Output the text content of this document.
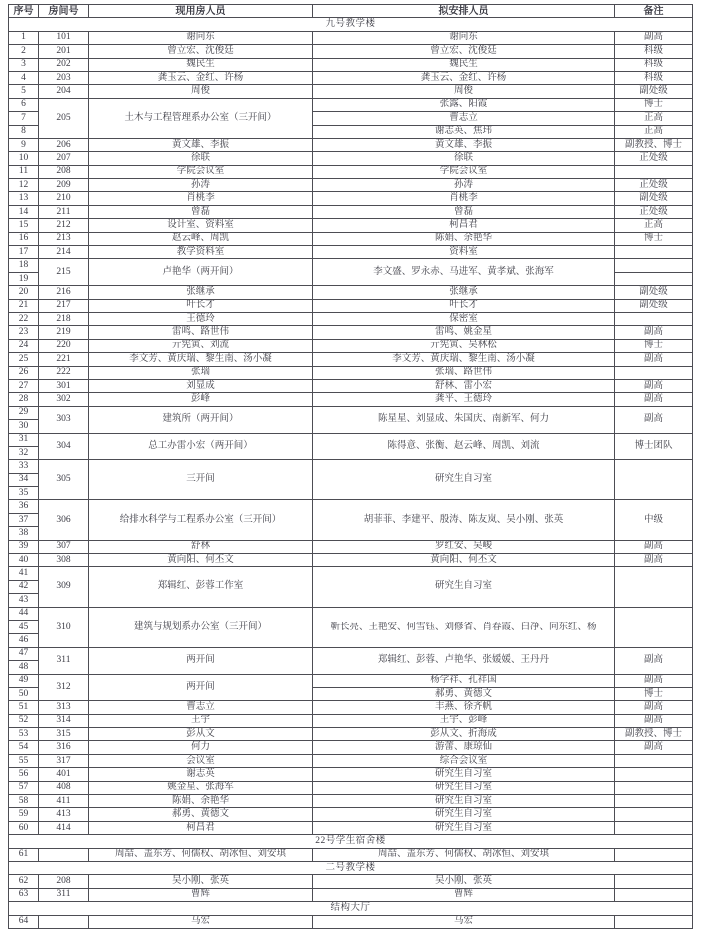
序号	房间号	现用房人员	拟安排人员	备注
九号教学楼				
1	101	谢向东	谢向东	副高
2	201	曾立宏、沈俊廷	曾立宏、沈俊廷	科级
3	202	魏民生	魏民生	科级
4	203	龚玉云、金红、许杨	龚玉云、金红、许杨	科级
5	204	周俊	周俊	副处级
6	205	土木与工程管理系办公室（三开间）	张露、阳霞	博士
7			曹志立	正高
8			谢志英、焦玮	正高
9	206	黄文雄、李振	黄文雄、李振	副教授、博士
10	207	徐联	徐联	正处级
11	208	学院会议室	学院会议室	
12	209	孙涛	孙涛	正处级
13	210	肖桃李	肖桃李	副处级
14	211	曾磊	曾磊	正处级
15	212	设计室、资料室	柯昌君	正高
16	213	赵云峰、周凯	陈娟、余艳华	博士
17	214	教学资料室	资料室	
18	215	卢艳华（两开间）	李文盛、罗永赤、马进军、黄孝斌、张海军	
19				
20	216	张继承	张继承	副处级
21	217	叶长才	叶长才	副处级
22	218	王德玲	保密室	
23	219	雷鸣、路世伟	雷鸣、姚金星	副高
24	220	亓宪寅、刘流	亓宪寅、吴林松	博士
25	221	李文芳、黄庆瑞、黎生南、汤小凝	李文芳、黄庆瑞、黎生南、汤小凝	副高
26	222	张瑞	张瑞、路世伟	
27	301	刘显成	舒林、雷小宏	副高
28	302	彭峰	龚平、王德玲	副高
29	303	建筑所（两开间）	陈星星、刘显成、朱国庆、南新军、何力	副高
30				
31	304	总工办雷小宏（两开间）	陈得意、张衡、赵云峰、周凯、刘流	博士团队
32				
33	305	三开间	研究生自习室	
34				
35				
36	306	给排水科学与工程系办公室（三开间）	胡菲菲、李建平、殷涛、陈友岚、吴小刚、张英	中级
37				
38				
39	307	舒林	罗红安、吴峻	副高
40	308	黄向阳、何丕文	黄向阳、何丕文	副高
41	309	郑辑红、彭蓉工作室	研究生自习室	
42				
43				
44	310	建筑与规划系办公室（三开间）	靳长亮、王艳安、何雪钰、刘修省、肖春霞、白净、向东红、杨	

45				
46				
47	311	两开间	郑辑红、彭蓉、卢艳华、张媛媛、王丹丹	副高
48				
49	312	两开间	杨学祥、孔祥国	副高
50			郝勇、黄德文	博士
51	313	曹志立	丰燕、徐齐帆	副高
52	314	王宇	王宇、彭峰	副高
53	315	彭从文	彭从文、折海成	副教授、博士
54	316	何力	游蕾、康琼仙	副高
55	317	会议室	综合会议室	
56	401	谢志英	研究生自习室	
57	408	姚金星、张海军	研究生自习室	
58	411	陈娟、余艳华	研究生自习室	
59	413	郝勇、黄德文	研究生自习室	
60	414	柯昌君	研究生自习室	
22号学生宿舍楼				
61		周喆、盖东芳、何儒权、胡冰恒、刘安琪	周喆、盖东芳、何儒权、胡冰恒、刘安琪	
二号教学楼				
62	208	吴小刚、张英	吴小刚、张英	
63	311	曹辉	曹辉	
结构大厅				
64		马宏	马宏	
